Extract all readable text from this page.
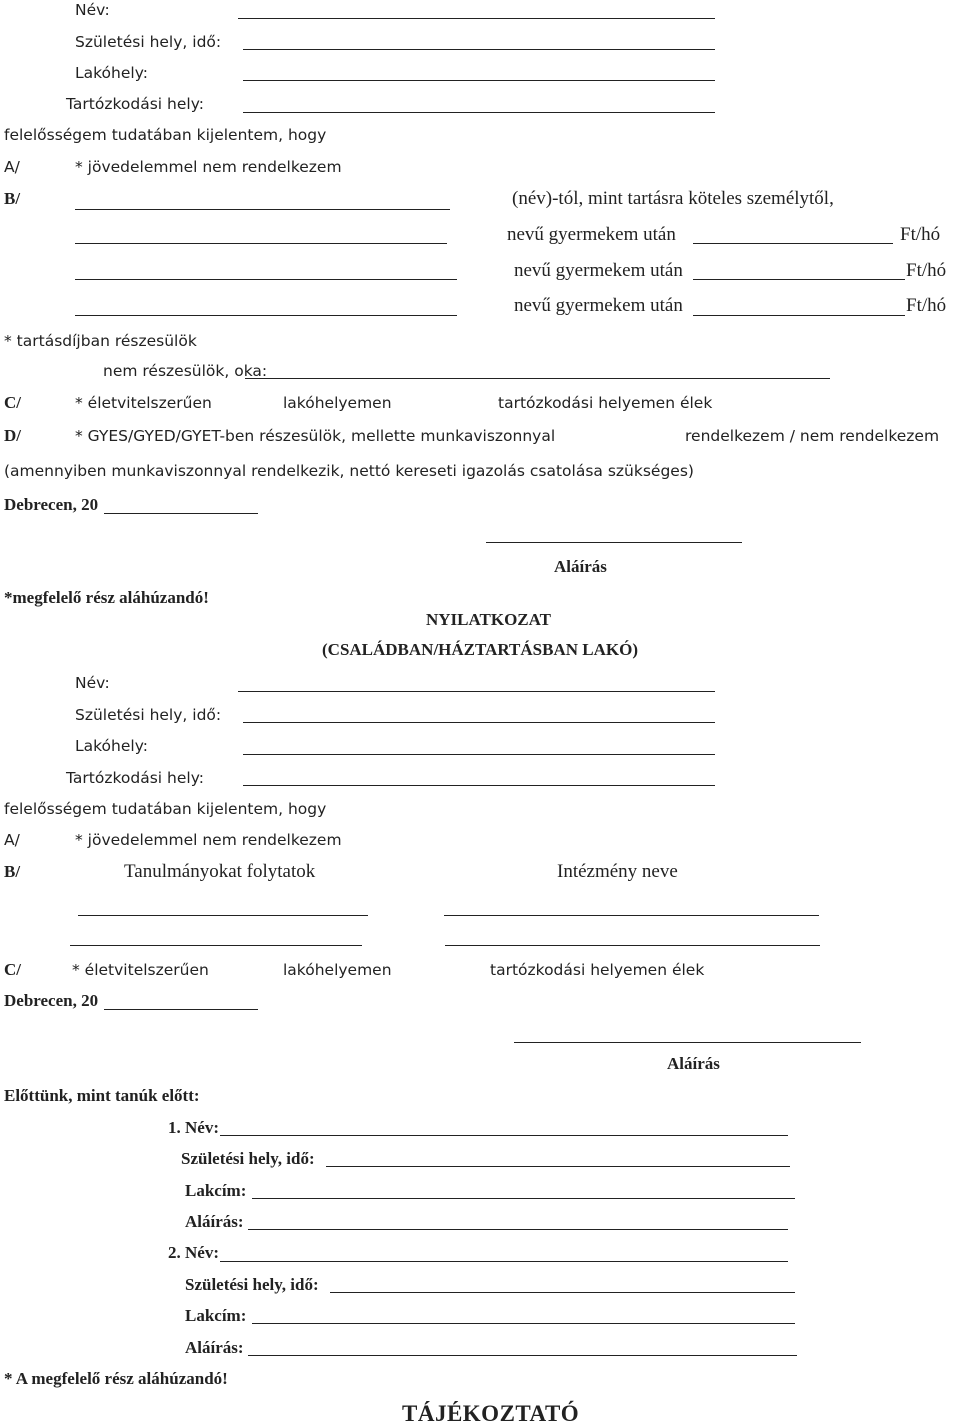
Név:
Születési hely, idő:
Lakóhely:
Tartózkodási hely:
felelősségem tudatában kijelentem, hogy
A/	* jövedelemmel nem rendelkezem
B/	(név)-tól, mint tartásra köteles személytől,
nevű gyermekem után	Ft/hó
nevű gyermekem után	Ft/hó
nevű gyermekem után	Ft/hó
* tartásdíjban részesülök
nem részesülök, oka:
C/	* életvitelszerűen	lakóhelyemen	tartózkodási helyemen élek
D/	* GYES/GYED/GYET-ben részesülök, mellette munkaviszonnyal	rendelkezem / nem rendelkezem
(amennyiben munkaviszonnyal rendelkezik, nettó kereseti igazolás csatolása szükséges)
Debrecen, 20
Aláírás
*megfelelő rész aláhúzandó!
NYILATKOZAT
(CSALÁDBAN/HÁZTARTÁSBAN LAKÓ)
Név:
Születési hely, idő:
Lakóhely:
Tartózkodási hely:
felelősségem tudatában kijelentem, hogy
A/	* jövedelemmel nem rendelkezem
B/	Tanulmányokat folytatok	Intézmény neve
C/	* életvitelszerűen	lakóhelyemen	tartózkodási helyemen élek
Debrecen, 20
Aláírás
Előttünk, mint tanúk előtt:
1. Név:
Születési hely, idő:
Lakcím:
Aláírás:
2. Név:
Születési hely, idő:
Lakcím:
Aláírás:
* A megfelelő rész aláhúzandó!
TÁJÉKOZTATÓ
